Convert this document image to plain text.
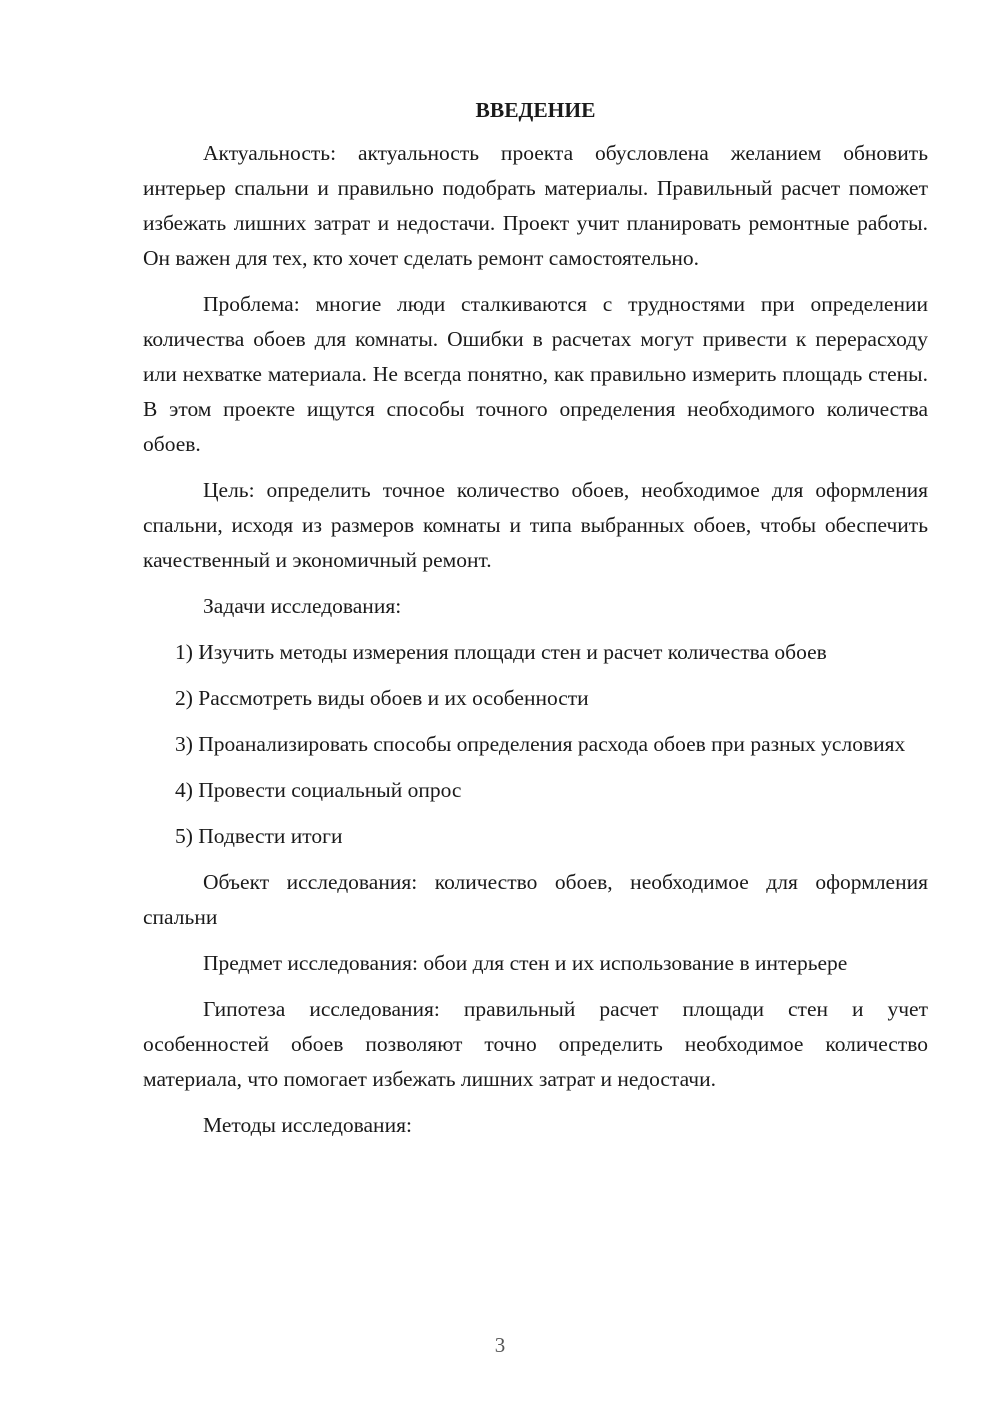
ВВЕДЕНИЕ

Актуальность: актуальность проекта обусловлена желанием обновить интерьер спальни и правильно подобрать материалы. Правильный расчет поможет избежать лишних затрат и недостачи. Проект учит планировать ремонтные работы. Он важен для тех, кто хочет сделать ремонт самостоятельно.

Проблема: многие люди сталкиваются с трудностями при определении количества обоев для комнаты. Ошибки в расчетах могут привести к перерасходу или нехватке материала. Не всегда понятно, как правильно измерить площадь стены. В этом проекте ищутся способы точного определения необходимого количества обоев.

Цель: определить точное количество обоев, необходимое для оформления спальни, исходя из размеров комнаты и типа выбранных обоев, чтобы обеспечить качественный и экономичный ремонт.

Задачи исследования:

1) Изучить методы измерения площади стен и расчет количества обоев

2) Рассмотреть виды обоев и их особенности

3) Проанализировать способы определения расхода обоев при разных условиях

4) Провести социальный опрос

5) Подвести итоги

Объект исследования: количество обоев, необходимое для оформления спальни

Предмет исследования: обои для стен и их использование в интерьере

Гипотеза исследования: правильный расчет площади стен и учет особенностей обоев позволяют точно определить необходимое количество материала, что помогает избежать лишних затрат и недостачи.

Методы исследования:

3
